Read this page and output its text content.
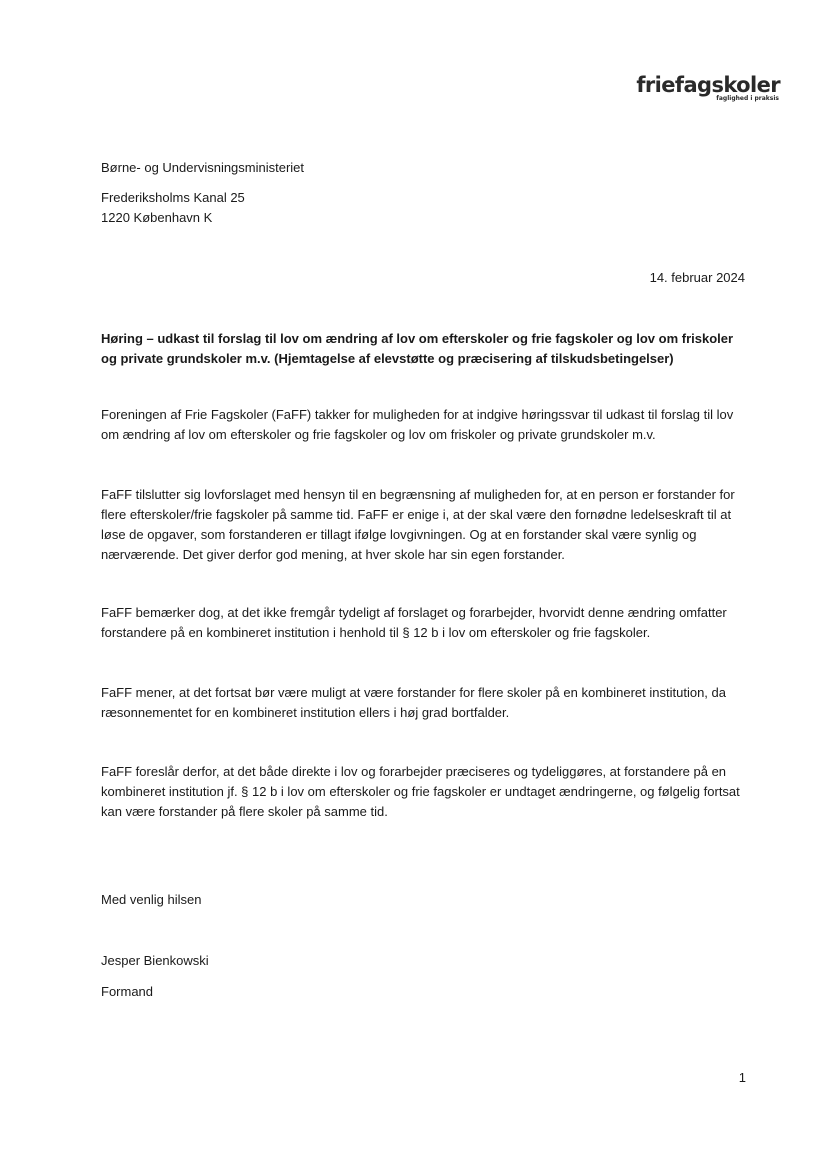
friefagskoler
faglighed i praksis
Børne- og Undervisningsministeriet
Frederiksholms Kanal 25
1220 København K
14. februar 2024
Høring – udkast til forslag til lov om ændring af lov om efterskoler og frie fagskoler og lov om friskoler og private grundskoler m.v. (Hjemtagelse af elevstøtte og præcisering af tilskudsbetingelser)

Foreningen af Frie Fagskoler (FaFF) takker for muligheden for at indgive høringssvar til udkast til forslag til lov om ændring af lov om efterskoler og frie fagskoler og lov om friskoler og private grundskoler m.v.

FaFF tilslutter sig lovforslaget med hensyn til en begrænsning af muligheden for, at en person er forstander for flere efterskoler/frie fagskoler på samme tid. FaFF er enige i, at der skal være den fornødne ledelseskraft til at løse de opgaver, som forstanderen er tillagt ifølge lovgivningen. Og at en forstander skal være synlig og nærværende. Det giver derfor god mening, at hver skole har sin egen forstander.

FaFF bemærker dog, at det ikke fremgår tydeligt af forslaget og forarbejder, hvorvidt denne ændring omfatter forstandere på en kombineret institution i henhold til § 12 b i lov om efterskoler og frie fagskoler.

FaFF mener, at det fortsat bør være muligt at være forstander for flere skoler på en kombineret institution, da ræsonnementet for en kombineret institution ellers i høj grad bortfalder.

FaFF foreslår derfor, at det både direkte i lov og forarbejder præciseres og tydeliggøres, at forstandere på en kombineret institution jf. § 12 b i lov om efterskoler og frie fagskoler er undtaget ændringerne, og følgelig fortsat kan være forstander på flere skoler på samme tid.

Med venlig hilsen
Jesper Bienkowski
Formand
1
